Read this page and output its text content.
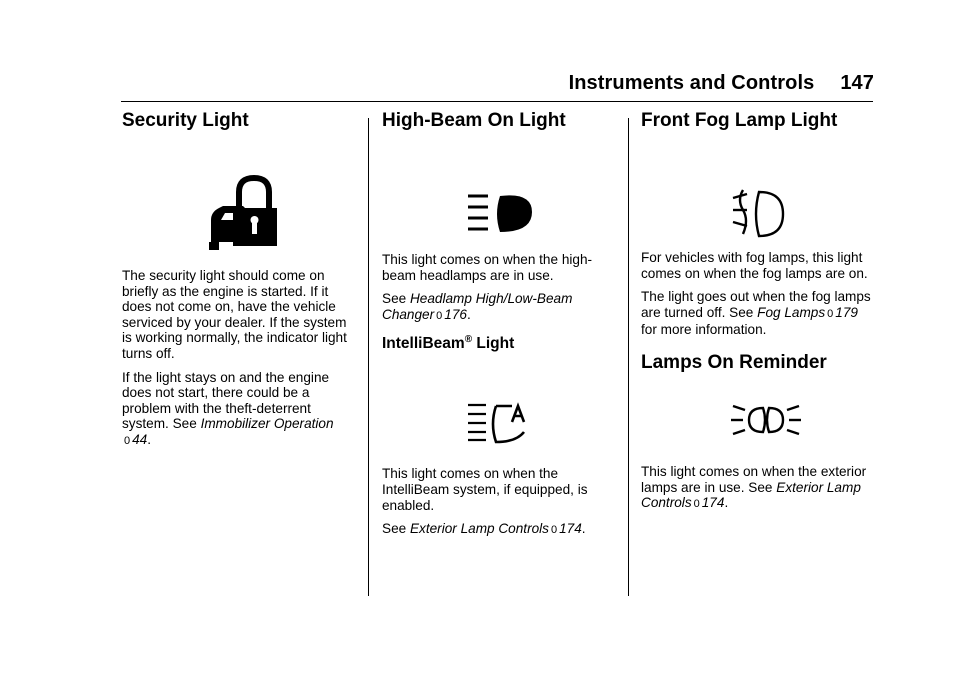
Instruments and Controls 147
Security Light

The security light should come on briefly as the engine is started. If it does not come on, have the vehicle serviced by your dealer. If the system is working normally, the indicator light turns off.

If the light stays on and the engine does not start, there could be a problem with the theft-deterrent system. See Immobilizer Operation 0 44.

High-Beam On Light

This light comes on when the high-beam headlamps are in use.

See Headlamp High/Low-Beam Changer 0 176.

IntelliBeam® Light

This light comes on when the IntelliBeam system, if equipped, is enabled.

See Exterior Lamp Controls 0 174.

Front Fog Lamp Light

For vehicles with fog lamps, this light comes on when the fog lamps are on.

The light goes out when the fog lamps are turned off. See Fog Lamps 0 179 for more information.

Lamps On Reminder

This light comes on when the exterior lamps are in use. See Exterior Lamp Controls 0 174.
